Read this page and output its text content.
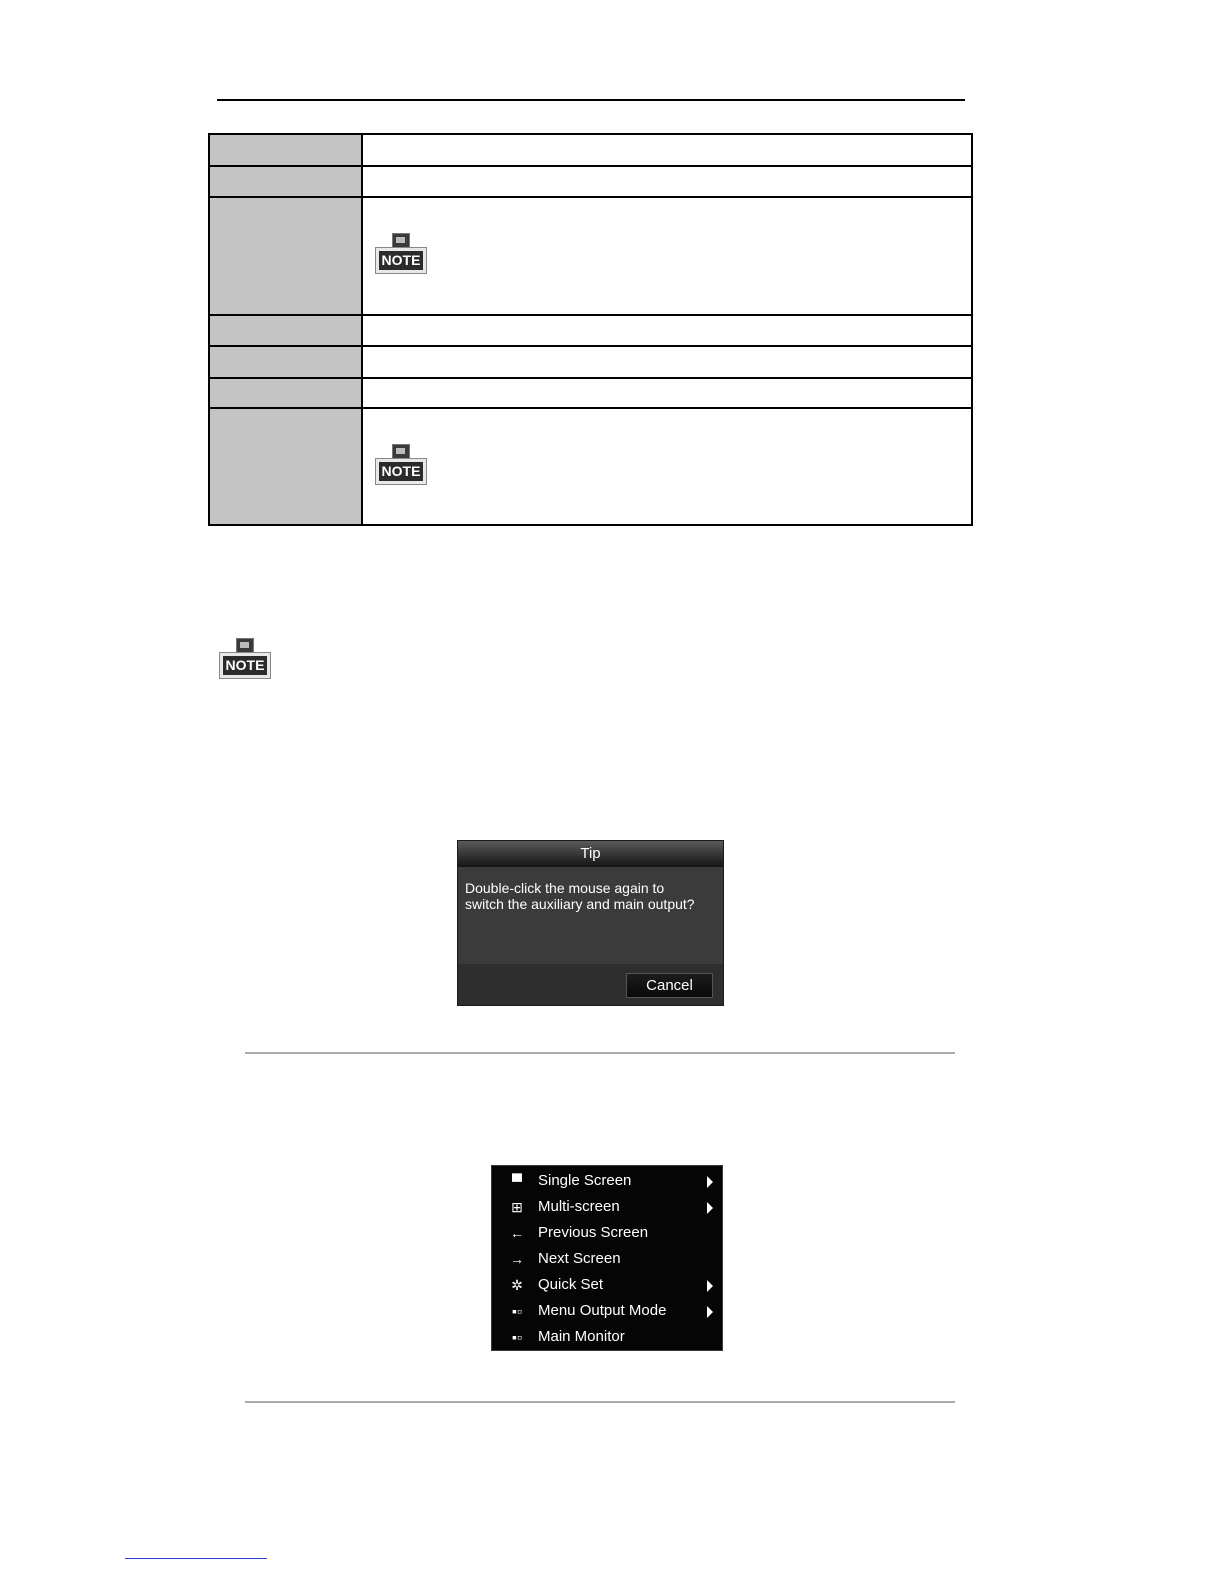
NOTE
NOTE
NOTE
Tip
Double-click the mouse again to
switch the auxiliary and main output?
Cancel
▀ Single Screen
⊞ Multi-screen
← Previous Screen
→ Next Screen
✲ Quick Set
▪▫ Menu Output Mode
▪▫ Main Monitor
